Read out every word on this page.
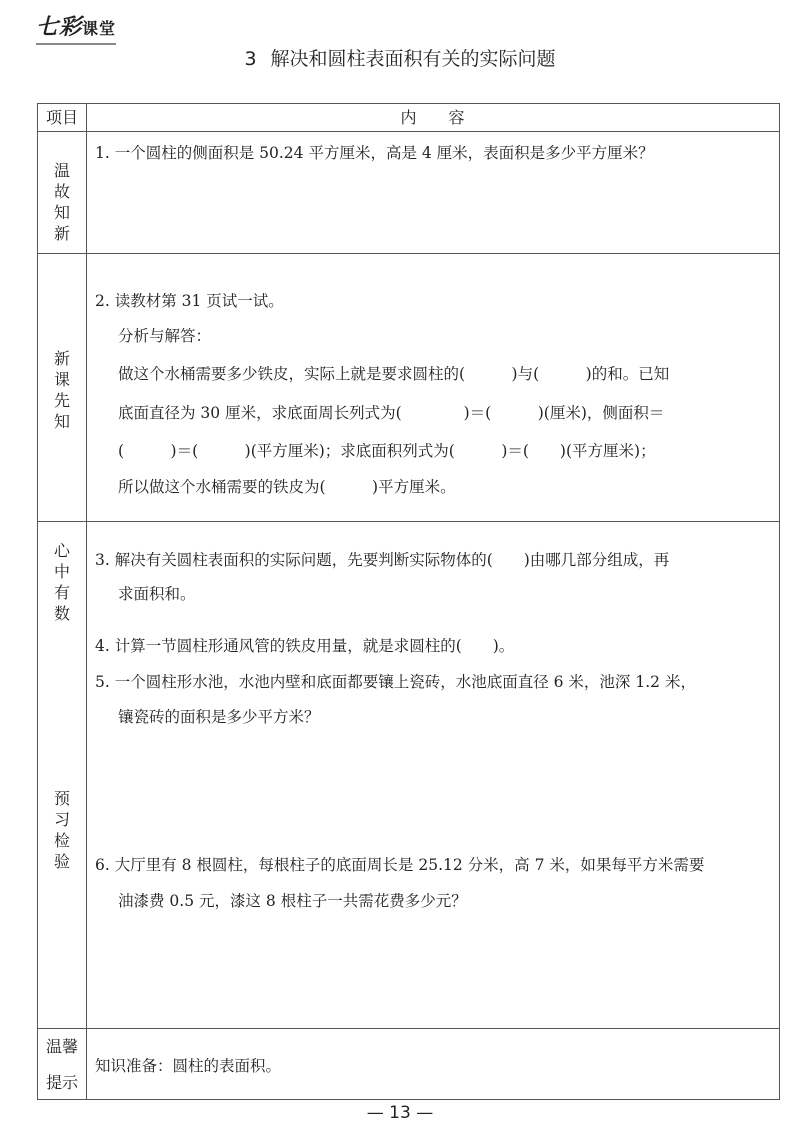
七彩课堂
3 解决和圆柱表面积有关的实际问题
项目	内　　容
温
故
知
新
1. 一个圆柱的侧面积是 50.24 平方厘米，高是 4 厘米，表面积是多少平方厘米？
新
课
先
知
2. 读教材第 31 页试一试。
分析与解答：
做这个水桶需要多少铁皮，实际上就是要求圆柱的(　　　)与(　　　)的和。已知
底面直径为 30 厘米，求底面周长列式为(　　　　)＝(　　　)(厘米)，侧面积＝
(　　　)＝(　　　)(平方厘米)；求底面积列式为(　　　)＝(　　)(平方厘米)；
所以做这个水桶需要的铁皮为(　　　)平方厘米。
心
中
有
数
3. 解决有关圆柱表面积的实际问题，先要判断实际物体的(　　)由哪几部分组成，再
求面积和。
4. 计算一节圆柱形通风管的铁皮用量，就是求圆柱的(　　)。
5. 一个圆柱形水池，水池内壁和底面都要镶上瓷砖，水池底面直径 6 米，池深 1.2 米，
镶瓷砖的面积是多少平方米？
预
习
检
验	6. 大厅里有 8 根圆柱，每根柱子的底面周长是 25.12 分米，高 7 米，如果每平方米需要
油漆费 0.5 元，漆这 8 根柱子一共需花费多少元？
温馨
提示
知识准备：圆柱的表面积。
— 13 —
